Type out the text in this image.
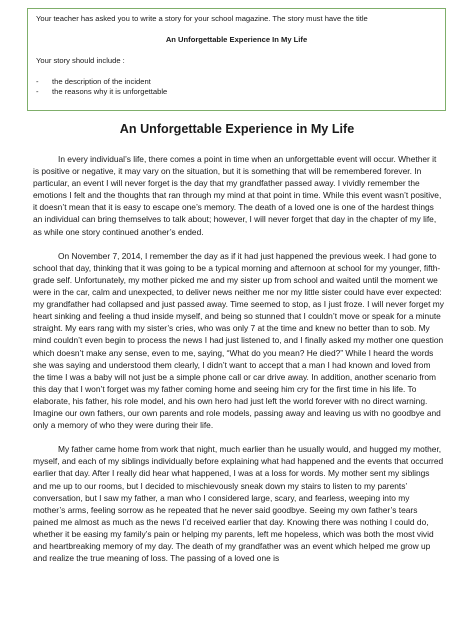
Your teacher has asked you to write a story for your school magazine. The story must have the title

An Unforgettable Experience In My Life

Your story should include :

-	the description of the incident
-	the reasons why it is unforgettable
An Unforgettable Experience in My Life

In every individual’s life, there comes a point in time when an unforgettable event will occur. Whether it is positive or negative, it may vary on the situation, but it is something that will be remembered forever. In particular, an event I will never forget is the day that my grandfather passed away. I vividly remember the emotions I felt and the thoughts that ran through my mind at that point in time. While this event wasn’t positive, it doesn’t mean that it is easy to escape one’s memory. The death of a loved one is one of the hardest things an individual can bring themselves to talk about; however, I will never forget that day in the chapter of my life, as while one story continued another’s ended.

On November 7, 2014, I remember the day as if it had just happened the previous week. I had gone to school that day, thinking that it was going to be a typical morning and afternoon at school for my younger, fifth-grade self. Unfortunately, my mother picked me and my sister up from school and waited until the moment we were in the car, calm and unexpected, to deliver news neither me nor my little sister could have ever expected: my grandfather had collapsed and just passed away. Time seemed to stop, as I just froze. I will never forget my heart sinking and feeling a thud inside myself, and being so stunned that I couldn’t move or speak for a minute straight. My ears rang with my sister’s cries, who was only 7 at the time and knew no better than to sob. My mind couldn’t even begin to process the news I had just listened to, and I finally asked my mother one question which doesn’t make any sense, even to me, saying, “What do you mean? He died?” While I heard the words she was saying and understood them clearly, I didn’t want to accept that a man I had known and loved from the time I was a baby will not just be a simple phone call or car drive away. In addition, another scenario from this day that I won’t forget was my father coming home and seeing him cry for the first time in his life. To elaborate, his father, his role model, and his own hero had just left the world forever with no direct warning. Imagine our own fathers, our own parents and role models, passing away and leaving us with no goodbye and only a memory of who they were during their life.

My father came home from work that night, much earlier than he usually would, and hugged my mother, myself, and each of my siblings individually before explaining what had happened and the events that occurred earlier that day. After I really did hear what happened, I was at a loss for words. My mother sent my siblings and me up to our rooms, but I decided to mischievously sneak down my stairs to listen to my parents’ conversation, but I saw my father, a man who I considered large, scary, and fearless, weeping into my mother’s arms, feeling sorrow as he repeated that he never said goodbye. Seeing my own father’s tears pained me almost as much as the news I’d received earlier that day. Knowing there was nothing I could do, whether it be easing my family’s pain or helping my parents, left me hopeless, which was both the most vivid and heartbreaking memory of my day. The death of my grandfather was an event which helped me grow up and realize the true meaning of loss. The passing of a loved one is
